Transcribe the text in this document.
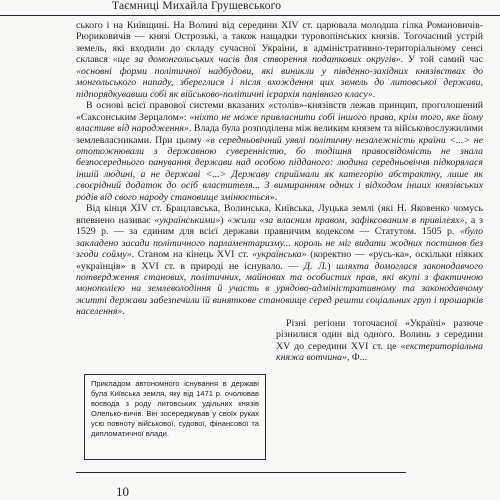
Таємниці Михайла Грушевського

ського і на Київщині. На Волині від середини XIV ст. царювала молодша гілка Романовичів-Рюриковичів — князі Острозькі, а також нащадки туровопінських князів. Тогочасний устрій земель, які входили до складу сучасної України, в адміністративно-територіальному сенсі склався «ще за домонгольських часів для створення податкових округів». У той самий час «основні форми політичної надбудови, які виникли у південно-західних князівствах до монгольського нападу, збереглися і після вхождення цих земель до литовської держави, підпорядкувавши собі як військово-політичні ієрархія панівного класу».

В основі всієї правової системи вказаних «столів»-князівств лежав принцип, проголошений «Саксонським Зерцалом»: «ніхто не може привласнити собі іншого права, крім того, яке йому властиве від народження». Влада була розподілена між великим князем та військовослужилими землевласниками. При цьому «в середньовічний уявлі політичну незалежність країни <...> не ототожнювали з державною суверенністю, бо тодішня правосвідомість не знала безпосереднього панування держави над особою піддaного: людина середньовіччя підкорялася іншій людині, а не державі <...> Державу сприймали як категорію абстрактну, лише як своєрідний додаток до осіб властителя... З вимиранням одних і відходом інших князівських родів від свого народу становище змінюється».

Від кінця XIV ст. Брацлавська, Волинська, Київська, Луцька землі (які Н. Яковенко чомусь впевнено називає «українськими») «жили «за власним правом, зафіксованим в привілеях», а з 1529 р. — за єдиним для всієї держави правничим кодексом — Статутом. 1505 р. «було закладено засади політичного парламентаризму... король не міг видати жодних постанов без згоди сойму». Станом на кінець XVI ст. «українська» (коректно — «русь-ка», оскільки ніяких «українців» в XVI ст. в природі не існувало. — Д. Л.) шляхта домоглася законодавчого потвердження станових, політичних, майнових та особистих прав, які вкупі з фактичною монополією на землеволодіння й участь в урядово-адміністративному та законодавчому житті держави забезпечили їй виняткове становище серед решти соціальних груп і прошарків населення».

Різні регіони тогочасної «Україні» разюче різнилися один від одного. Волинь з середини XV до середини XVI ст. це «екстериторіальна княжа вотчина», Ф...

Прикладом автономного існування в державі була Київська земля, яку від 1471 р. очолював воєвода з роду литовських удільних князів Олелько-вичів. Він зосереджував у своїх руках усю повноту військової, судової, фінансової та дипломатичної влади.
10
